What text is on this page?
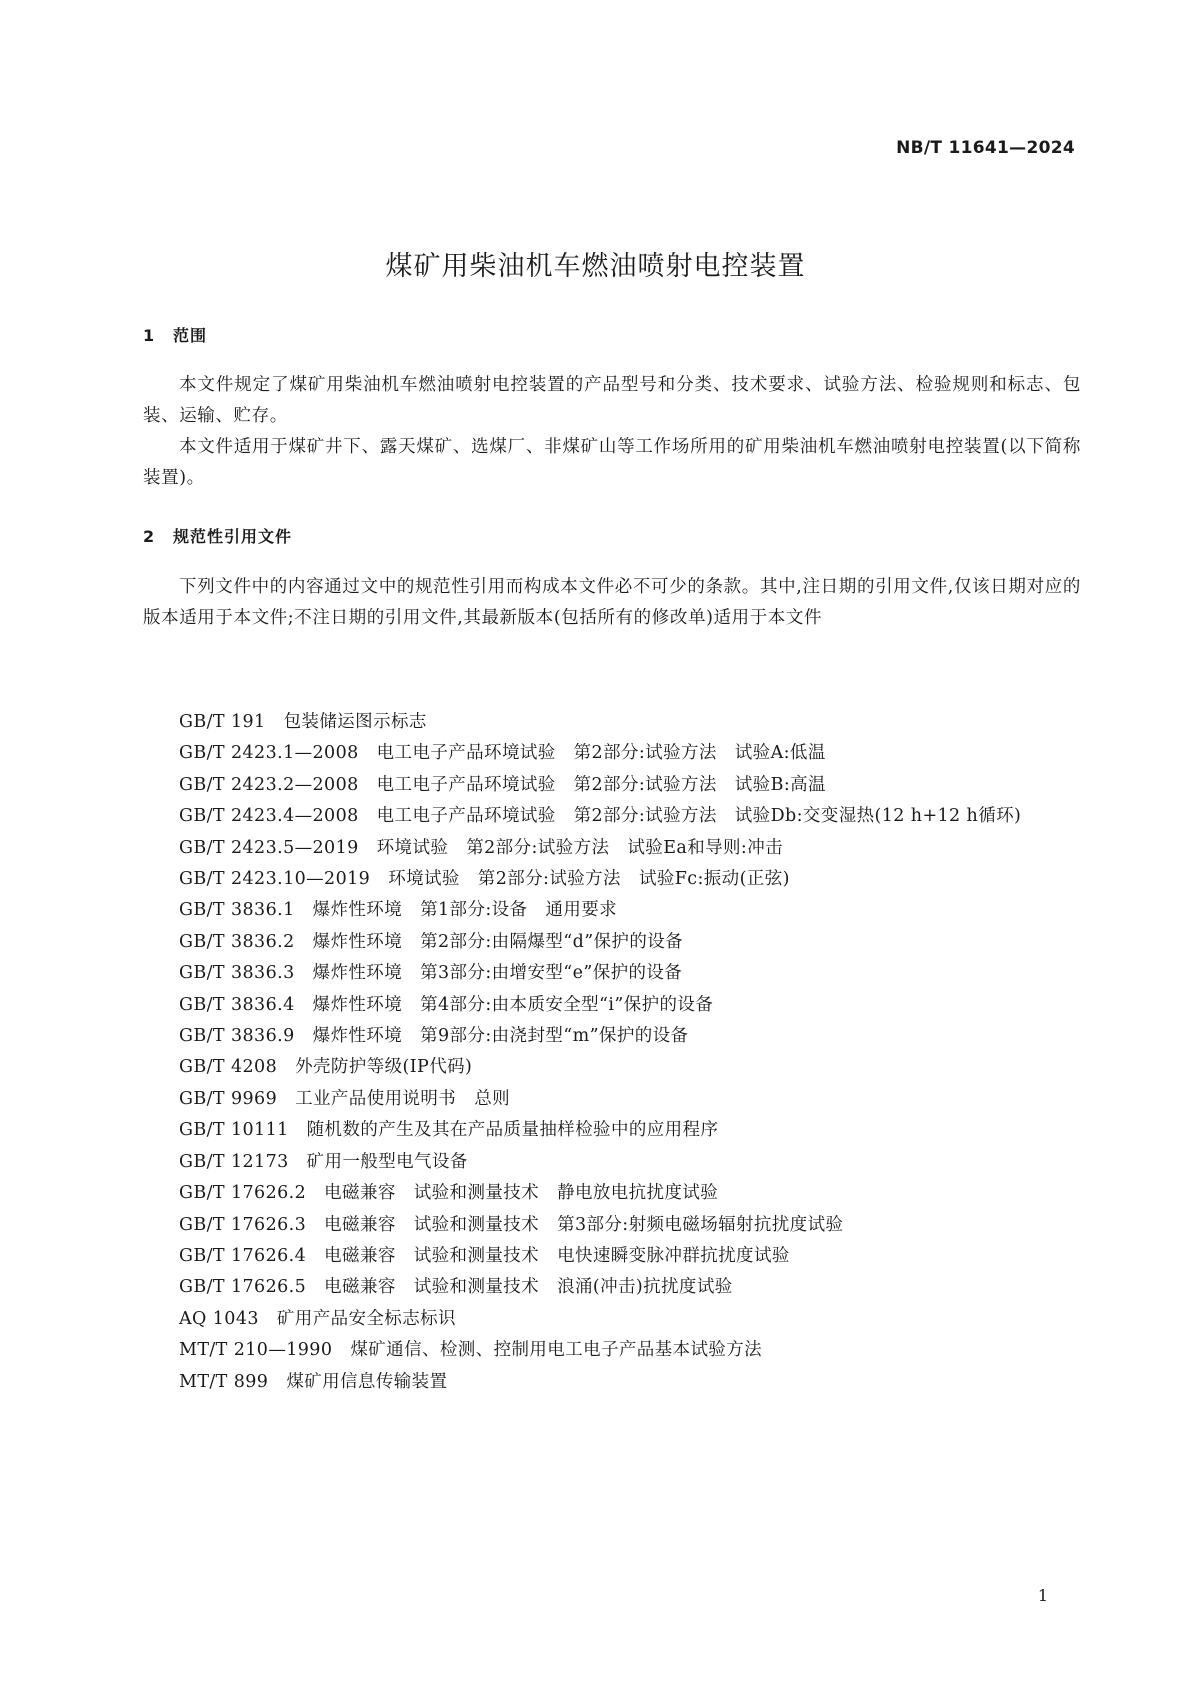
NB/T 11641—2024
煤矿用柴油机车燃油喷射电控装置
1 范围
本文件规定了煤矿用柴油机车燃油喷射电控装置的产品型号和分类、技术要求、试验方法、检验规则和标志、包装、运输、贮存。
本文件适用于煤矿井下、露天煤矿、选煤厂、非煤矿山等工作场所用的矿用柴油机车燃油喷射电控装置(以下简称装置)。
2 规范性引用文件
下列文件中的内容通过文中的规范性引用而构成本文件必不可少的条款。其中,注日期的引用文件,仅该日期对应的版本适用于本文件;不注日期的引用文件,其最新版本(包括所有的修改单)适用于本文件
GB/T 191 包装储运图示标志
GB/T 2423.1—2008 电工电子产品环境试验 第2部分:试验方法 试验A:低温
GB/T 2423.2—2008 电工电子产品环境试验 第2部分:试验方法 试验B:高温
GB/T 2423.4—2008 电工电子产品环境试验 第2部分:试验方法 试验Db:交变湿热(12 h+12 h循环)
GB/T 2423.5—2019 环境试验 第2部分:试验方法 试验Ea和导则:冲击
GB/T 2423.10—2019 环境试验 第2部分:试验方法 试验Fc:振动(正弦)
GB/T 3836.1 爆炸性环境 第1部分:设备 通用要求
GB/T 3836.2 爆炸性环境 第2部分:由隔爆型“d”保护的设备
GB/T 3836.3 爆炸性环境 第3部分:由增安型“e”保护的设备
GB/T 3836.4 爆炸性环境 第4部分:由本质安全型“i”保护的设备
GB/T 3836.9 爆炸性环境 第9部分:由浇封型“m”保护的设备
GB/T 4208 外壳防护等级(IP代码)
GB/T 9969 工业产品使用说明书 总则
GB/T 10111 随机数的产生及其在产品质量抽样检验中的应用程序
GB/T 12173 矿用一般型电气设备
GB/T 17626.2 电磁兼容 试验和测量技术 静电放电抗扰度试验
GB/T 17626.3 电磁兼容 试验和测量技术 第3部分:射频电磁场辐射抗扰度试验
GB/T 17626.4 电磁兼容 试验和测量技术 电快速瞬变脉冲群抗扰度试验
GB/T 17626.5 电磁兼容 试验和测量技术 浪涌(冲击)抗扰度试验
AQ 1043 矿用产品安全标志标识
MT/T 210—1990 煤矿通信、检测、控制用电工电子产品基本试验方法
MT/T 899 煤矿用信息传输装置
1
